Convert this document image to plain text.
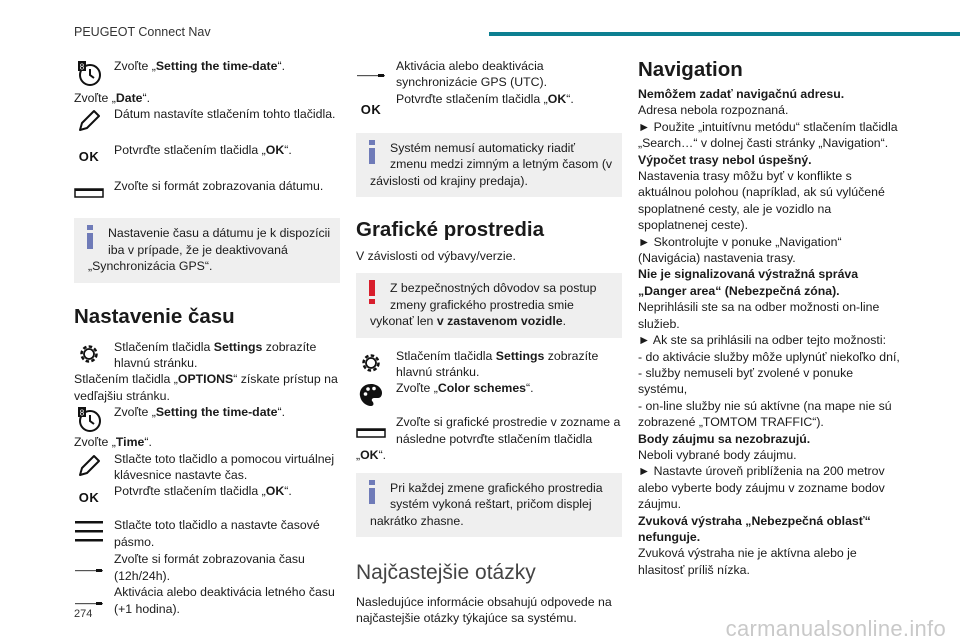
PEUGEOT Connect Nav
8 Zvoľte „Setting the time-date“.

Zvoľte „Date“.

Dátum nastavíte stlačením tohto tlačidla.

OK	Potvrďte stlačením tlačidla „OK“.

Zvoľte si formát zobrazovania dátumu.

Nastavenie času a dátumu je k dispozícii iba v prípade, že je deaktivovaná
„Synchronizácia GPS“.

Nastavenie času

Stlačením tlačidla Settings zobrazíte hlavnú stránku.

Stlačením tlačidla „OPTIONS“ získate prístup na vedľajšiu stránku.

8 Zvoľte „Setting the time-date“.

Zvoľte „Time“.

Stlačte toto tlačidlo a pomocou virtuálnej klávesnice nastavte čas.

OK	Potvrďte stlačením tlačidla „OK“.

Stlačte toto tlačidlo a nastavte časové pásmo.

Zvoľte si formát zobrazovania času (12h/24h).

Aktivácia alebo deaktivácia letného času (+1 hodina).

Aktivácia alebo deaktivácia synchronizácie GPS (UTC).

OK

Potvrďte stlačením tlačidla „OK“.

Systém nemusí automaticky riadiť zmenu medzi zimným a letným časom (v
závislosti od krajiny predaja).

Grafické prostredia

V závislosti od výbavy/verzie.

Z bezpečnostných dôvodov sa postup zmeny grafického prostredia smie
vykonať len v zastavenom vozidle.

Stlačením tlačidla Settings zobrazíte hlavnú stránku.

Zvoľte „Color schemes“.

Zvoľte si grafické prostredie v zozname a následne potvrďte stlačením tlačidla

„OK“.

Pri každej zmene grafického prostredia systém vykoná reštart, pričom displej
nakrátko zhasne.

Najčastejšie otázky

Nasledujúce informácie obsahujú odpovede na najčastejšie otázky týkajúce sa systému.

Navigation

Nemôžem zadať navigačnú adresu.

Adresa nebola rozpoznaná.

► Použite „intuitívnu metódu“ stlačením tlačidla „Search…“ v dolnej časti stránky „Navigation“.

Výpočet trasy nebol úspešný.

Nastavenia trasy môžu byť v konflikte s aktuálnou polohou (napríklad, ak sú vylúčené spoplatnené cesty, ale je vozidlo na spoplatnenej ceste).

► Skontrolujte v ponuke „Navigation“ (Navigácia) nastavenia trasy.

Nie je signalizovaná výstražná správa „Danger area“ (Nebezpečná zóna).

Neprihlásili ste sa na odber možnosti on-line služieb.

► Ak ste sa prihlásili na odber tejto možnosti:

- do aktivácie služby môže uplynúť niekoľko dní,

- služby nemuseli byť zvolené v ponuke systému,

- on-line služby nie sú aktívne (na mape nie sú zobrazené „TOMTOM TRAFFIC“).

Body záujmu sa nezobrazujú.

Neboli vybrané body záujmu.

► Nastavte úroveň priblíženia na 200 metrov alebo vyberte body záujmu v zozname bodov záujmu.

Zvuková výstraha „Nebezpečná oblasť“ nefunguje.

Zvuková výstraha nie je aktívna alebo je hlasitosť príliš nízka.

274
carmanualsonline.info
